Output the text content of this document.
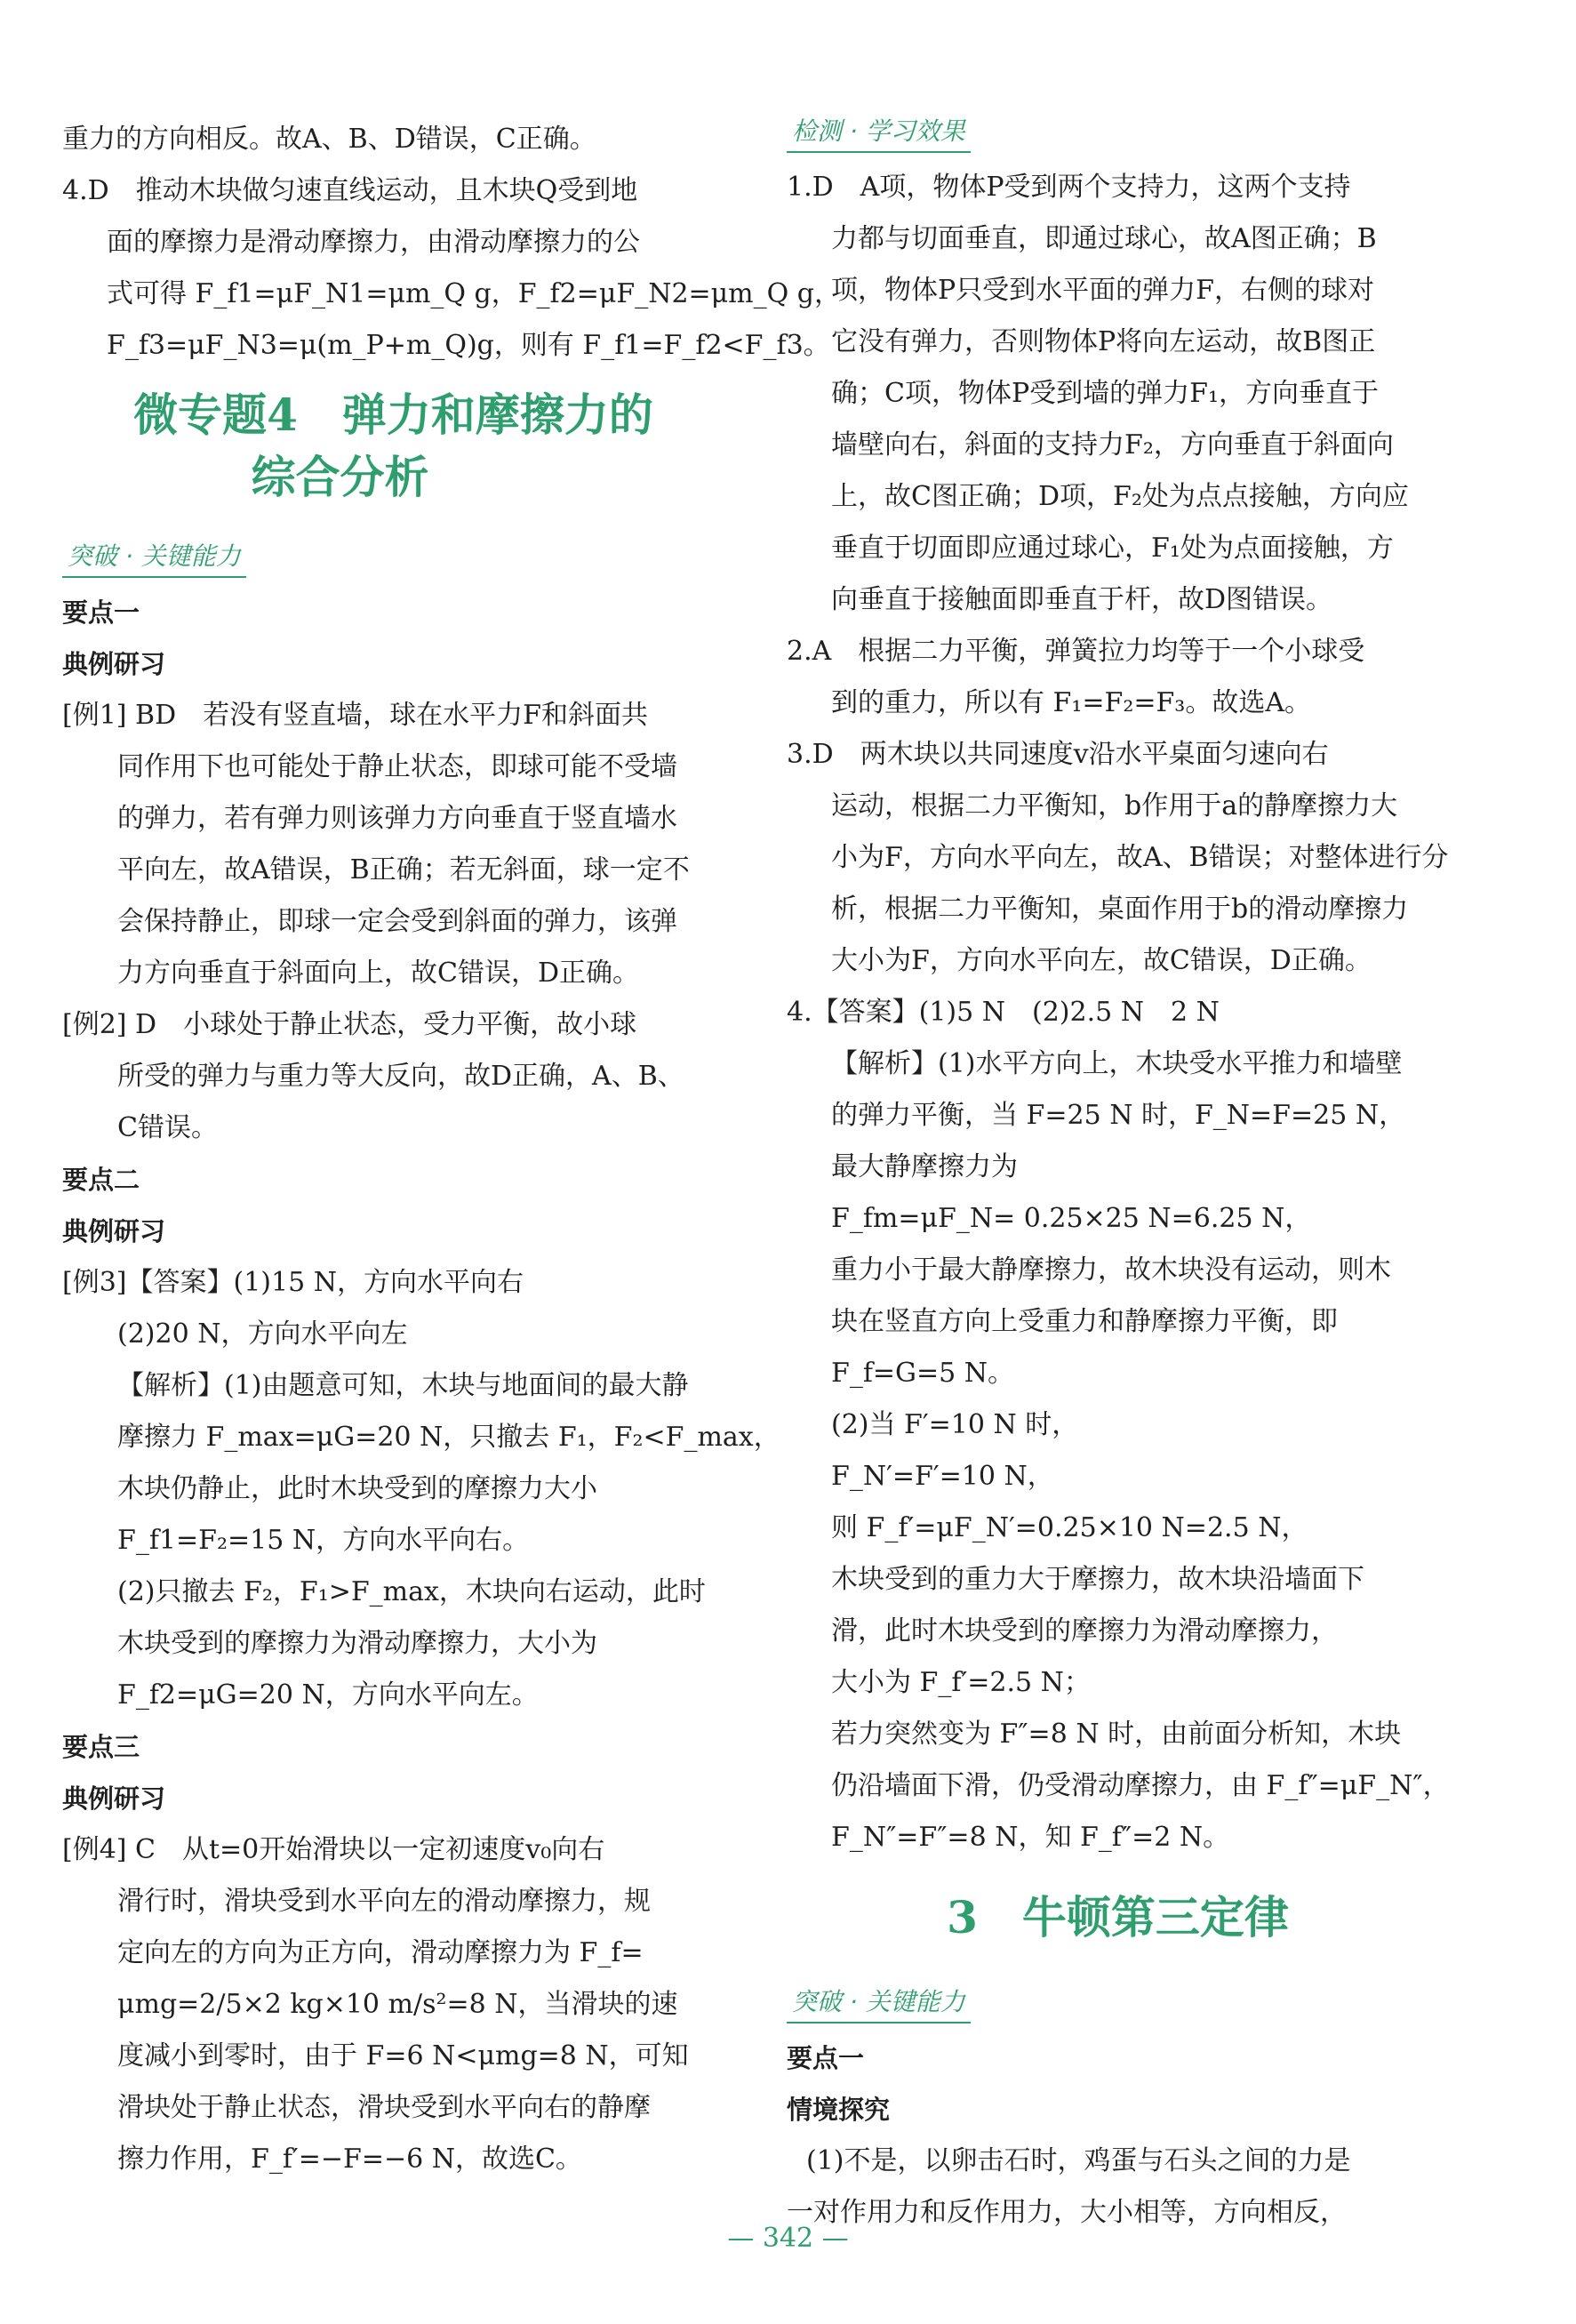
重力的方向相反。故A、B、D错误，C正确。

4.D　推动木块做匀速直线运动，且木块Q受到地

面的摩擦力是滑动摩擦力，由滑动摩擦力的公

式可得 F_f1=μF_N1=μm_Q g，F_f2=μF_N2=μm_Q g，

F_f3=μF_N3=μ(m_P+m_Q)g，则有 F_f1=F_f2<F_f3。

微专题4　弹力和摩擦力的
综合分析
突破 · 关键能力

要点一

典例研习

[例1] BD　若没有竖直墙，球在水平力F和斜面共

同作用下也可能处于静止状态，即球可能不受墙

的弹力，若有弹力则该弹力方向垂直于竖直墙水

平向左，故A错误，B正确；若无斜面，球一定不

会保持静止，即球一定会受到斜面的弹力，该弹

力方向垂直于斜面向上，故C错误，D正确。

[例2] D　小球处于静止状态，受力平衡，故小球

所受的弹力与重力等大反向，故D正确，A、B、

C错误。

要点二

典例研习

[例3]【答案】(1)15 N，方向水平向右

(2)20 N，方向水平向左

【解析】(1)由题意可知，木块与地面间的最大静

摩擦力 F_max=μG=20 N，只撤去 F₁，F₂<F_max，

木块仍静止，此时木块受到的摩擦力大小

F_f1=F₂=15 N，方向水平向右。

(2)只撤去 F₂，F₁>F_max，木块向右运动，此时

木块受到的摩擦力为滑动摩擦力，大小为

F_f2=μG=20 N，方向水平向左。

要点三

典例研习

[例4] C　从t=0开始滑块以一定初速度v₀向右

滑行时，滑块受到水平向左的滑动摩擦力，规

定向左的方向为正方向，滑动摩擦力为 F_f=

μmg=2/5×2 kg×10 m/s²=8 N，当滑块的速

度减小到零时，由于 F=6 N<μmg=8 N，可知

滑块处于静止状态，滑块受到水平向右的静摩

擦力作用，F_f′=−F=−6 N，故选C。

检测 · 学习效果

1.D　A项，物体P受到两个支持力，这两个支持

力都与切面垂直，即通过球心，故A图正确；B

项，物体P只受到水平面的弹力F，右侧的球对

它没有弹力，否则物体P将向左运动，故B图正

确；C项，物体P受到墙的弹力F₁，方向垂直于

墙壁向右，斜面的支持力F₂，方向垂直于斜面向

上，故C图正确；D项，F₂处为点点接触，方向应

垂直于切面即应通过球心，F₁处为点面接触，方

向垂直于接触面即垂直于杆，故D图错误。

2.A　根据二力平衡，弹簧拉力均等于一个小球受

到的重力，所以有 F₁=F₂=F₃。故选A。

3.D　两木块以共同速度v沿水平桌面匀速向右

运动，根据二力平衡知，b作用于a的静摩擦力大

小为F，方向水平向左，故A、B错误；对整体进行分

析，根据二力平衡知，桌面作用于b的滑动摩擦力

大小为F，方向水平向左，故C错误，D正确。

4.【答案】(1)5 N　(2)2.5 N　2 N

【解析】(1)水平方向上，木块受水平推力和墙壁

的弹力平衡，当 F=25 N 时，F_N=F=25 N，

最大静摩擦力为

F_fm=μF_N= 0.25×25 N=6.25 N，

重力小于最大静摩擦力，故木块没有运动，则木

块在竖直方向上受重力和静摩擦力平衡，即

F_f=G=5 N。

(2)当 F′=10 N 时，

F_N′=F′=10 N，

则 F_f′=μF_N′=0.25×10 N=2.5 N，

木块受到的重力大于摩擦力，故木块沿墙面下

滑，此时木块受到的摩擦力为滑动摩擦力，

大小为 F_f′=2.5 N；

若力突然变为 F″=8 N 时，由前面分析知，木块

仍沿墙面下滑，仍受滑动摩擦力，由 F_f″=μF_N″，

F_N″=F″=8 N，知 F_f″=2 N。

3　牛顿第三定律
突破 · 关键能力

要点一

情境探究

(1)不是，以卵击石时，鸡蛋与石头之间的力是

一对作用力和反作用力，大小相等，方向相反，

— 342 —
